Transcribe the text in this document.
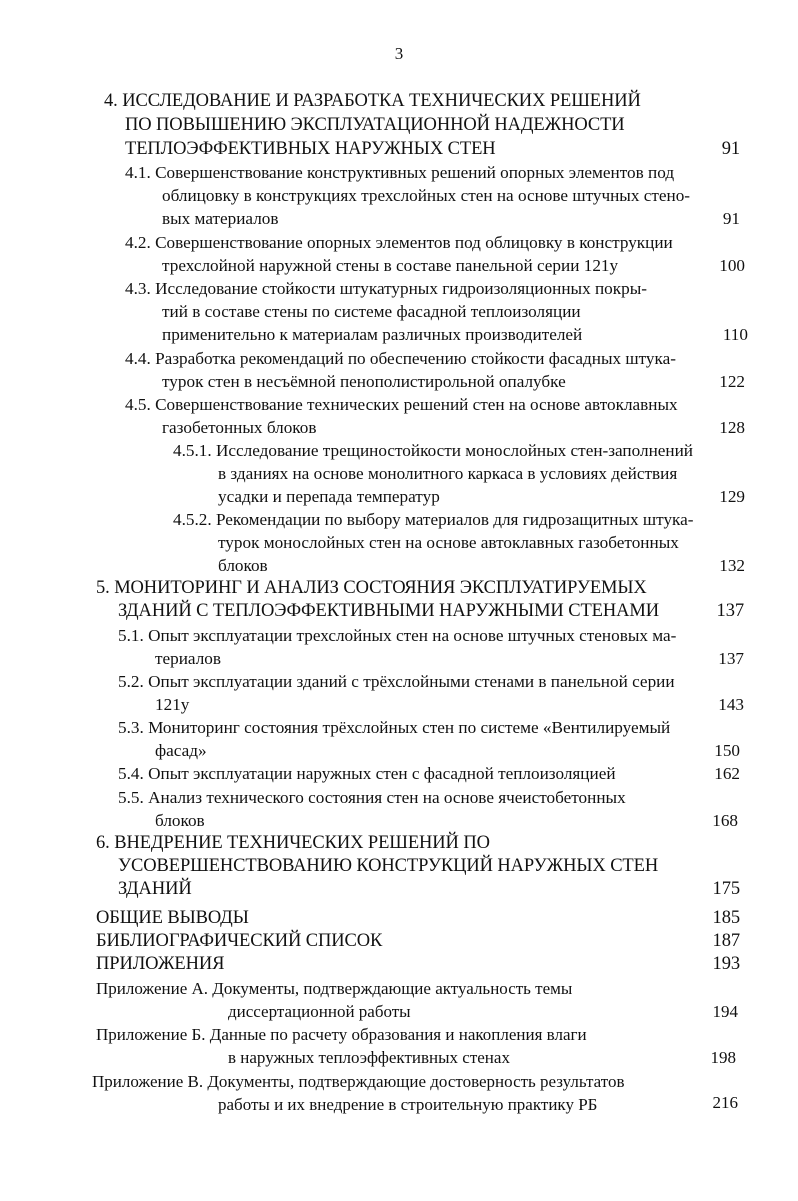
3
4. ИССЛЕДОВАНИЕ И РАЗРАБОТКА ТЕХНИЧЕСКИХ РЕШЕНИЙ
ПО ПОВЫШЕНИЮ ЭКСПЛУАТАЦИОННОЙ НАДЕЖНОСТИ
ТЕПЛОЭФФЕКТИВНЫХ НАРУЖНЫХ СТЕН	91
4.1. Совершенствование конструктивных решений опорных элементов под
облицовку в конструкциях трехслойных стен на основе штучных стено-
вых материалов	91
4.2. Совершенствование опорных элементов под облицовку в конструкции
трехслойной наружной стены в составе панельной серии 121у	100
4.3. Исследование стойкости штукатурных гидроизоляционных покры-
тий в составе стены по системе фасадной теплоизоляции
применительно к материалам различных производителей	110
4.4. Разработка рекомендаций по обеспечению стойкости фасадных штука-
турок стен в несъёмной пенополистирольной опалубке	122
4.5. Совершенствование технических решений стен на основе автоклавных
газобетонных блоков	128
4.5.1. Исследование трещиностойкости монослойных стен-заполнений
в зданиях на основе монолитного каркаса в условиях действия
усадки и перепада температур	129
4.5.2. Рекомендации по выбору материалов для гидрозащитных штука-
турок монослойных стен на основе автоклавных газобетонных
блоков	132
5. МОНИТОРИНГ И АНАЛИЗ СОСТОЯНИЯ ЭКСПЛУАТИРУЕМЫХ
ЗДАНИЙ С ТЕПЛОЭФФЕКТИВНЫМИ НАРУЖНЫМИ СТЕНАМИ	137
5.1. Опыт эксплуатации трехслойных стен на основе штучных стеновых ма-
териалов	137
5.2. Опыт эксплуатации зданий с трёхслойными стенами в панельной серии
121у	143
5.3. Мониторинг состояния трёхслойных стен по системе «Вентилируемый
фасад»	150
5.4. Опыт эксплуатации наружных стен с фасадной теплоизоляцией	162
5.5. Анализ технического состояния стен на основе ячеистобетонных
блоков	168
6. ВНЕДРЕНИЕ ТЕХНИЧЕСКИХ РЕШЕНИЙ ПО
УСОВЕРШЕНСТВОВАНИЮ КОНСТРУКЦИЙ НАРУЖНЫХ СТЕН
ЗДАНИЙ	175
ОБЩИЕ ВЫВОДЫ	185
БИБЛИОГРАФИЧЕСКИЙ СПИСОК	187
ПРИЛОЖЕНИЯ	193
Приложение А. Документы, подтверждающие актуальность темы
диссертационной работы	194
Приложение Б. Данные по расчету образования и накопления влаги
в наружных теплоэффективных стенах	198
Приложение В. Документы, подтверждающие достоверность результатов
работы и их внедрение в строительную практику РБ	216
